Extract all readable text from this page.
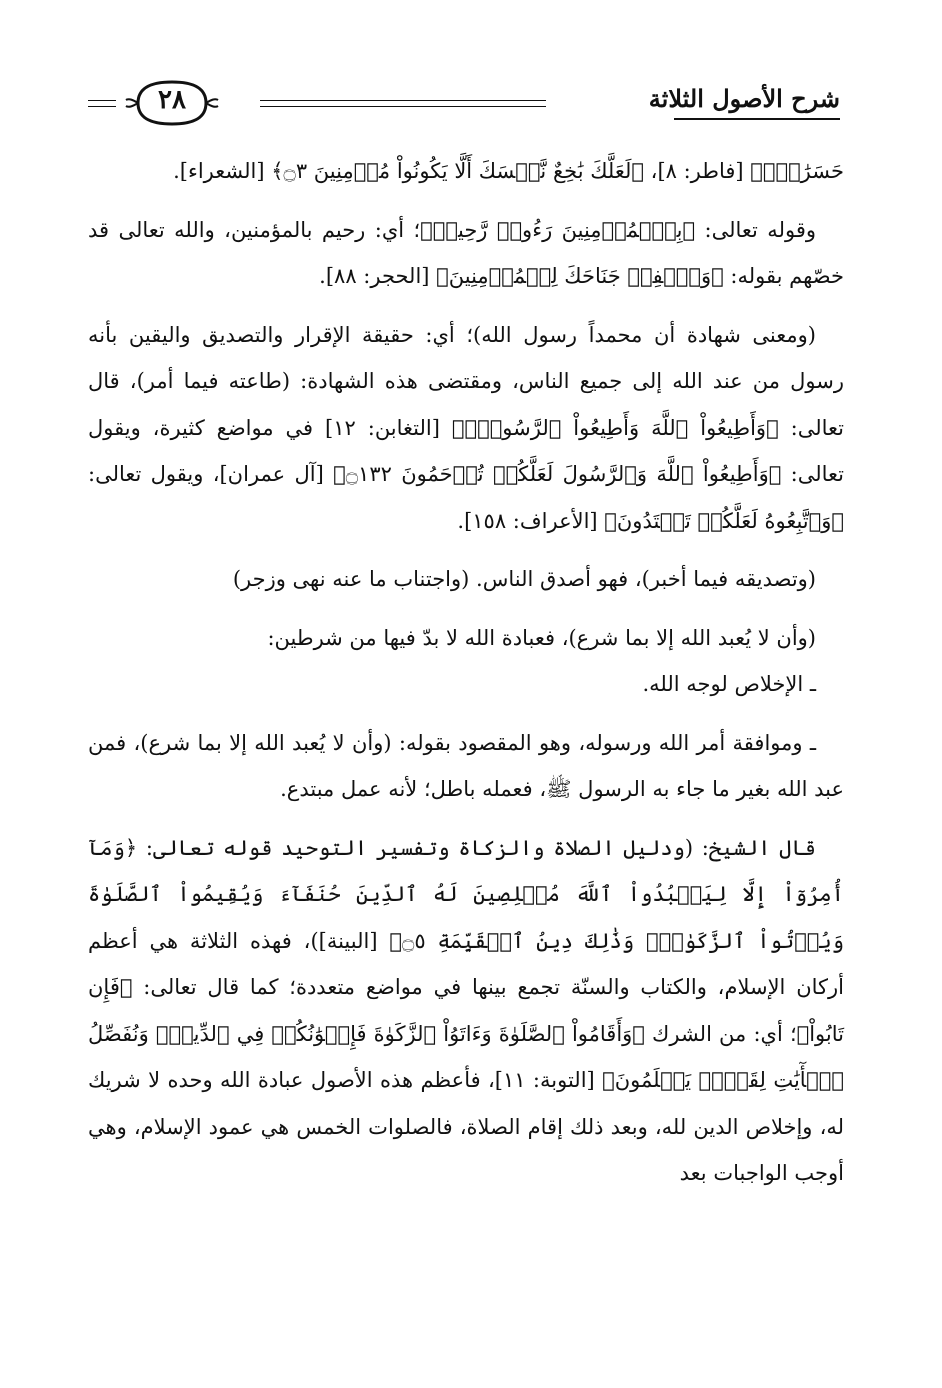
شرح الأصول الثلاثة
٢٨

حَسَرَٰتٍۚ﴾ [فاطر: ٨]، ﴿لَعَلَّكَ بَٰخِعٌ نَّفۡسَكَ أَلَّا يَكُونُواْ مُؤۡمِنِينَ ۝٣﴾ [الشعراء].

وقوله تعالى: ﴿بِٱلۡمُؤۡمِنِينَ رَءُوفٞ رَّحِيمٞ﴾؛ أي: رحيم بالمؤمنين، والله تعالى قد خصّهم بقوله: ﴿وَٱخۡفِضۡ جَنَاحَكَ لِلۡمُؤۡمِنِينَ﴾ [الحجر: ٨٨].

(ومعنى شهادة أن محمداً رسول الله)؛ أي: حقيقة الإقرار والتصديق واليقين بأنه رسول من عند الله إلى جميع الناس، ومقتضى هذه الشهادة: (طاعته فيما أمر)، قال تعالى: ﴿وَأَطِيعُواْ ٱللَّهَ وَأَطِيعُواْ ٱلرَّسُولَۚ﴾ [التغابن: ١٢] في مواضع كثيرة، ويقول تعالى: ﴿وَأَطِيعُواْ ٱللَّهَ وَٱلرَّسُولَ لَعَلَّكُمۡ تُرۡحَمُونَ ۝١٣٢﴾ [آل عمران]، ويقول تعالى: ﴿وَٱتَّبِعُوهُ لَعَلَّكُمۡ تَهۡتَدُونَ﴾ [الأعراف: ١٥٨].

(وتصديقه فيما أخبر)، فهو أصدق الناس. (واجتناب ما عنه نهى وزجر)

(وأن لا يُعبد الله إلا بما شرع)، فعبادة الله لا بدّ فيها من شرطين:

ـ الإخلاص لوجه الله.

ـ وموافقة أمر الله ورسوله، وهو المقصود بقوله: (وأن لا يُعبد الله إلا بما شرع)، فمن عبد الله بغير ما جاء به الرسول ﷺ، فعمله باطل؛ لأنه عمل مبتدع.

قال الشيخ: (ودليل الصلاة والزكاة وتفسير التوحيد قوله تعالى: ﴿وَمَآ أُمِرُوٓاْ إِلَّا لِيَعۡبُدُواْ ٱللَّهَ مُخۡلِصِينَ لَهُ ٱلدِّينَ حُنَفَآءَ وَيُقِيمُواْ ٱلصَّلَوٰةَ وَيُؤۡتُواْ ٱلزَّكَوٰةَۚ وَذَٰلِكَ دِينُ ٱلۡقَيِّمَةِ ۝٥﴾ [البينة])، فهذه الثلاثة هي أعظم أركان الإسلام، والكتاب والسنّة تجمع بينها في مواضع متعددة؛ كما قال تعالى: ﴿فَإِن تَابُواْ﴾؛ أي: من الشرك ﴿وَأَقَامُواْ ٱلصَّلَوٰةَ وَءَاتَوُاْ ٱلزَّكَوٰةَ فَإِخۡوَٰنُكُمۡ فِي ٱلدِّينِۗ وَنُفَصِّلُ ٱلۡأٓيَٰتِ لِقَوۡمٖ يَعۡلَمُونَ﴾ [التوبة: ١١]، فأعظم هذه الأصول عبادة الله وحده لا شريك له، وإخلاص الدين لله، وبعد ذلك إقام الصلاة، فالصلوات الخمس هي عمود الإسلام، وهي أوجب الواجبات بعد
